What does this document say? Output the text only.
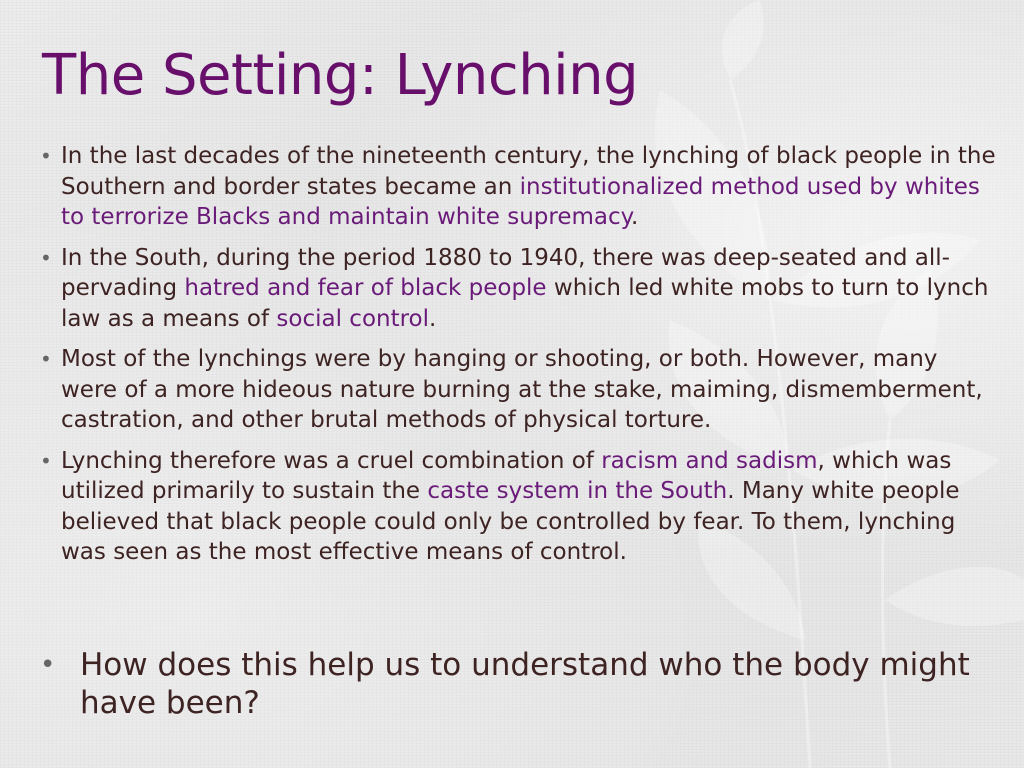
The Setting: Lynching
• In the last decades of the nineteenth century, the lynching of black people in the Southern and border states became an institutionalized method used by whites to terrorize Blacks and maintain white supremacy.
• In the South, during the period 1880 to 1940, there was deep-seated and all-pervading hatred and fear of black people which led white mobs to turn to lynch law as a means of social control.
• Most of the lynchings were by hanging or shooting, or both. However, many were of a more hideous nature burning at the stake, maiming, dismemberment, castration, and other brutal methods of physical torture.
• Lynching therefore was a cruel combination of racism and sadism, which was utilized primarily to sustain the caste system in the South. Many white people believed that black people could only be controlled by fear. To them, lynching was seen as the most effective means of control.
• How does this help us to understand who the body might have been?
